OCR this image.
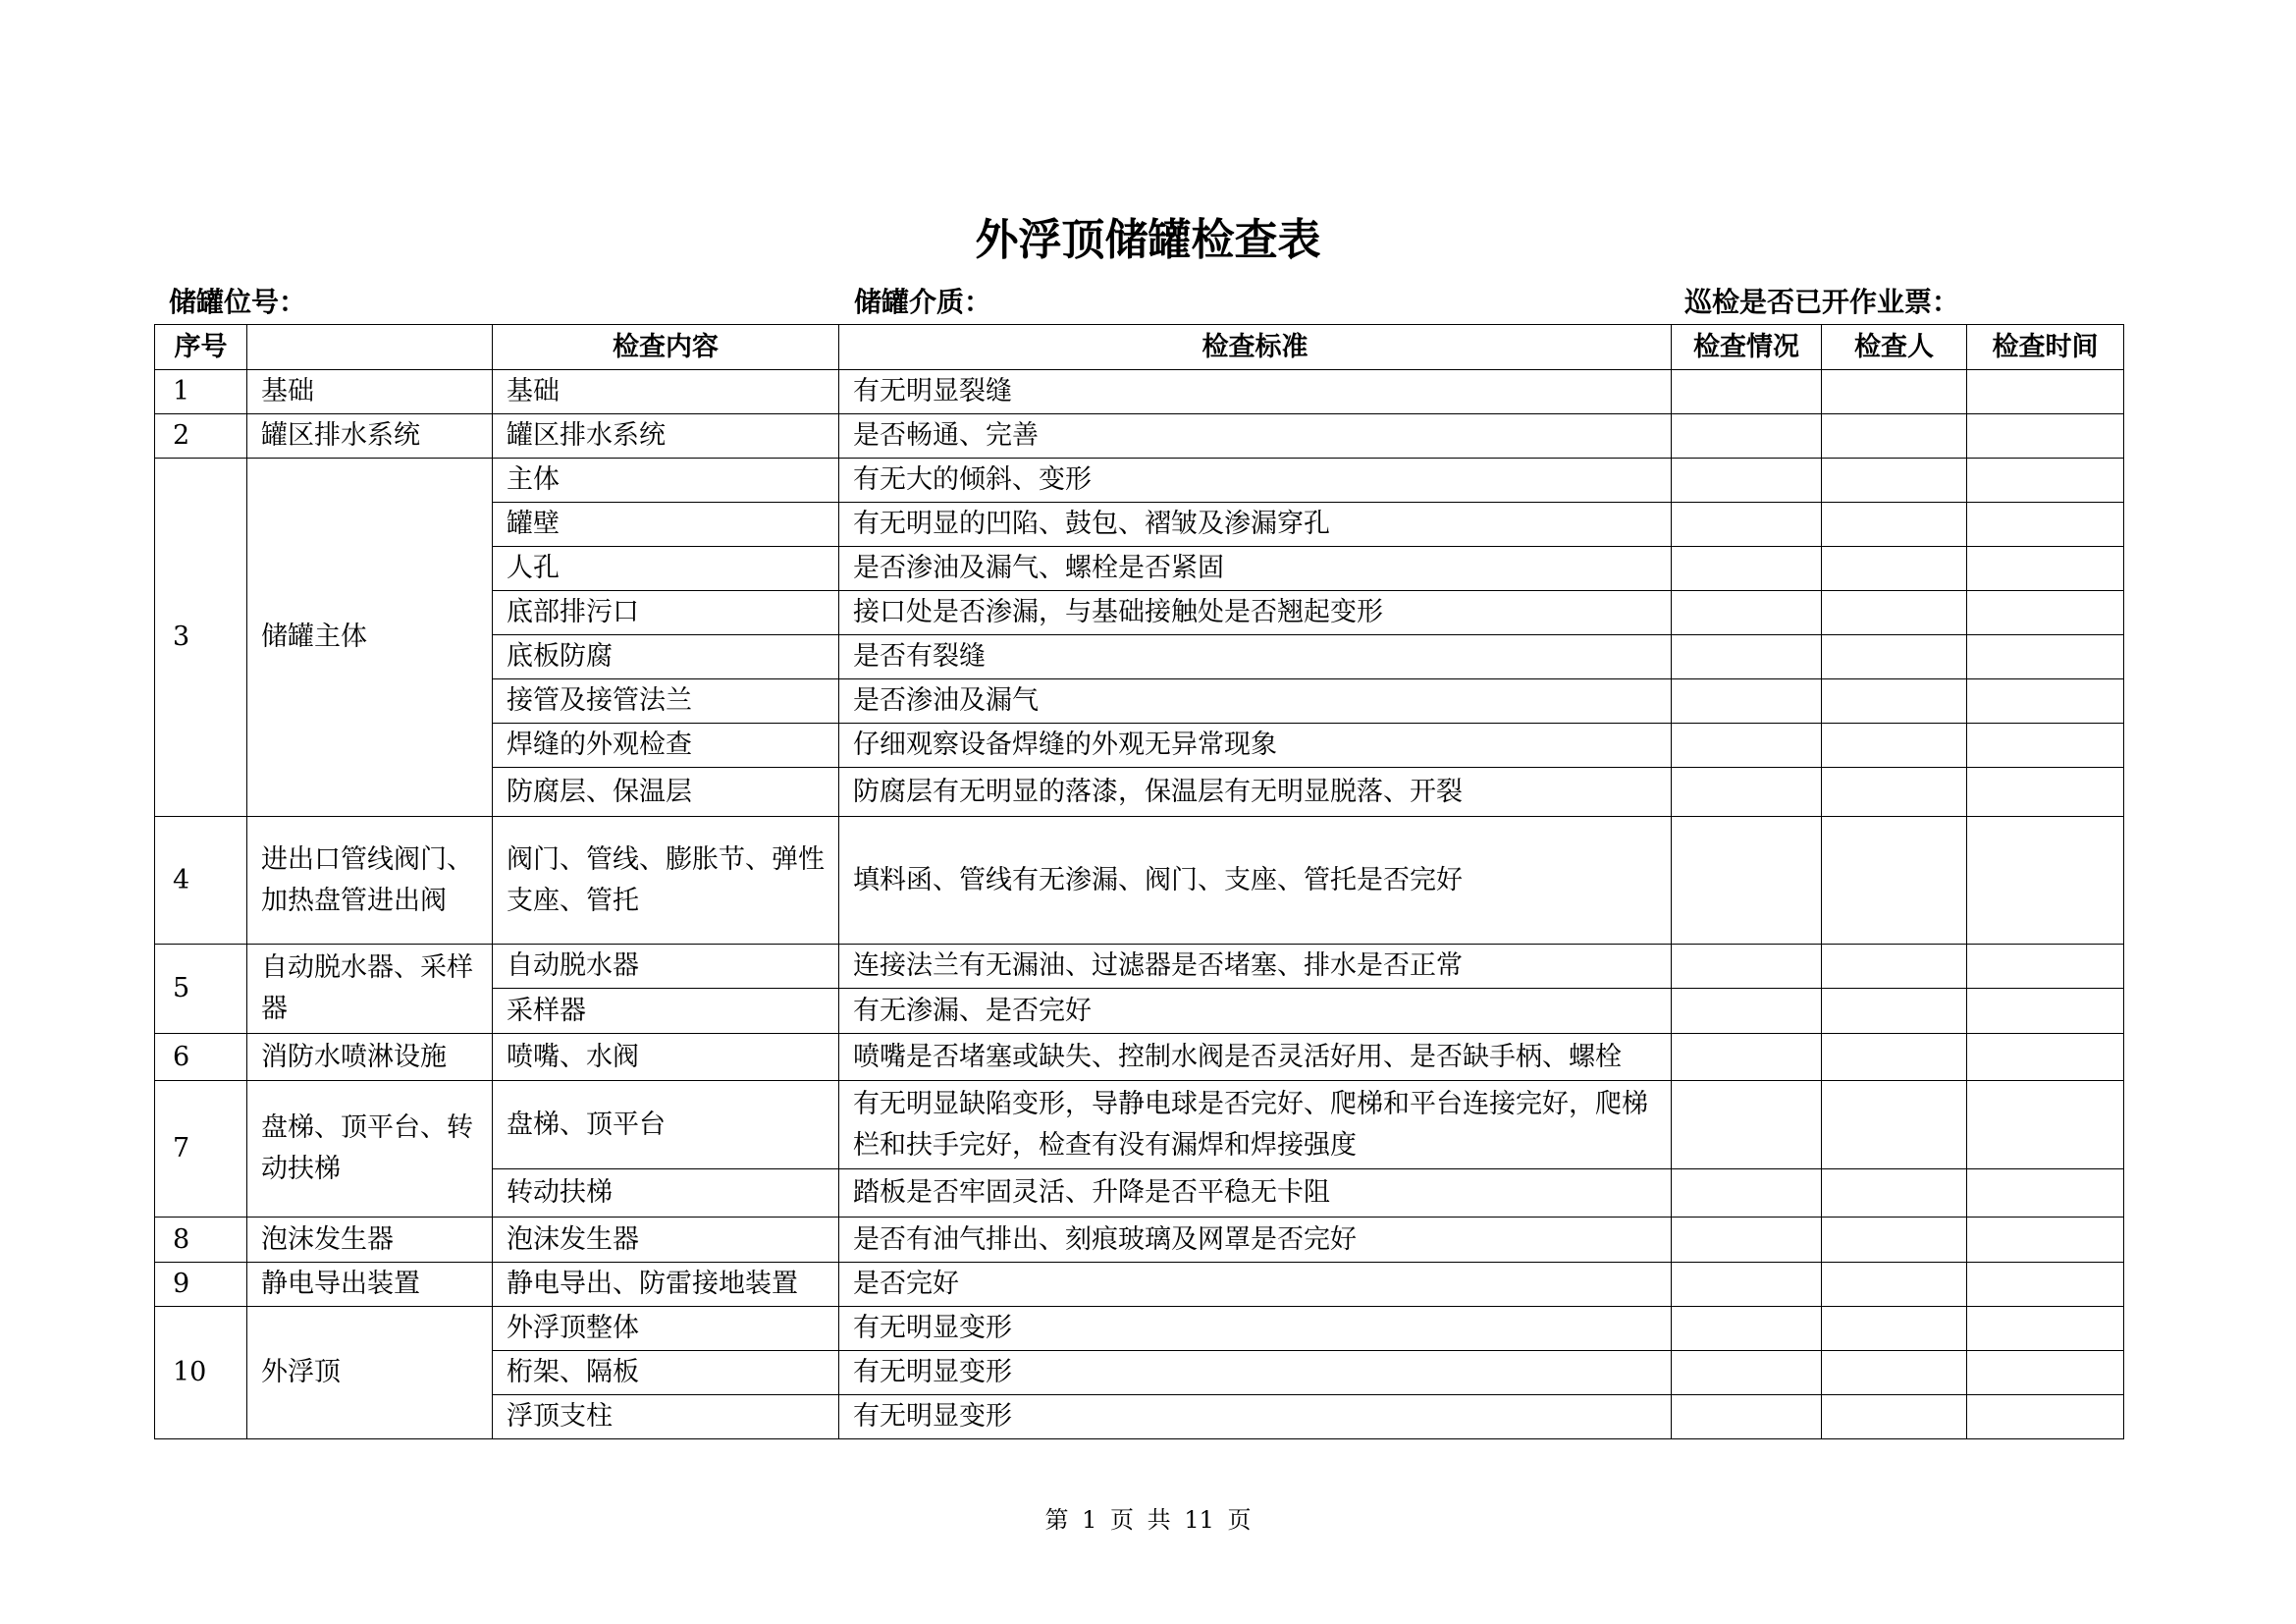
外浮顶储罐检查表
储罐位号：	储罐介质：	巡检是否已开作业票：
序号		检查内容	检查标准	检查情况	检查人	检查时间
1	基础	基础	有无明显裂缝			
2	罐区排水系统	罐区排水系统	是否畅通、完善			
3	储罐主体	主体	有无大的倾斜、变形			
		罐壁	有无明显的凹陷、鼓包、褶皱及渗漏穿孔			
		人孔	是否渗油及漏气、螺栓是否紧固			
		底部排污口	接口处是否渗漏，与基础接触处是否翘起变形			
		底板防腐	是否有裂缝			
		接管及接管法兰	是否渗油及漏气			
		焊缝的外观检查	仔细观察设备焊缝的外观无异常现象			
		防腐层、保温层	防腐层有无明显的落漆，保温层有无明显脱落、开裂			
4	进出口管线阀门、加热盘管进出阀	阀门、管线、膨胀节、弹性支座、管托	填料函、管线有无渗漏、阀门、支座、管托是否完好			
5	自动脱水器、采样器	自动脱水器	连接法兰有无漏油、过滤器是否堵塞、排水是否正常			
		采样器	有无渗漏、是否完好			
6	消防水喷淋设施	喷嘴、水阀	喷嘴是否堵塞或缺失、控制水阀是否灵活好用、是否缺手柄、螺栓			
7	盘梯、顶平台、转动扶梯	盘梯、顶平台	有无明显缺陷变形，导静电球是否完好、爬梯和平台连接完好，爬梯栏和扶手完好，检查有没有漏焊和焊接强度			
		转动扶梯	踏板是否牢固灵活、升降是否平稳无卡阻			
8	泡沫发生器	泡沫发生器	是否有油气排出、刻痕玻璃及网罩是否完好			
9	静电导出装置	静电导出、防雷接地装置	是否完好			
10	外浮顶	外浮顶整体	有无明显变形			
		桁架、隔板	有无明显变形			
		浮顶支柱	有无明显变形			
第 1 页 共 11 页
